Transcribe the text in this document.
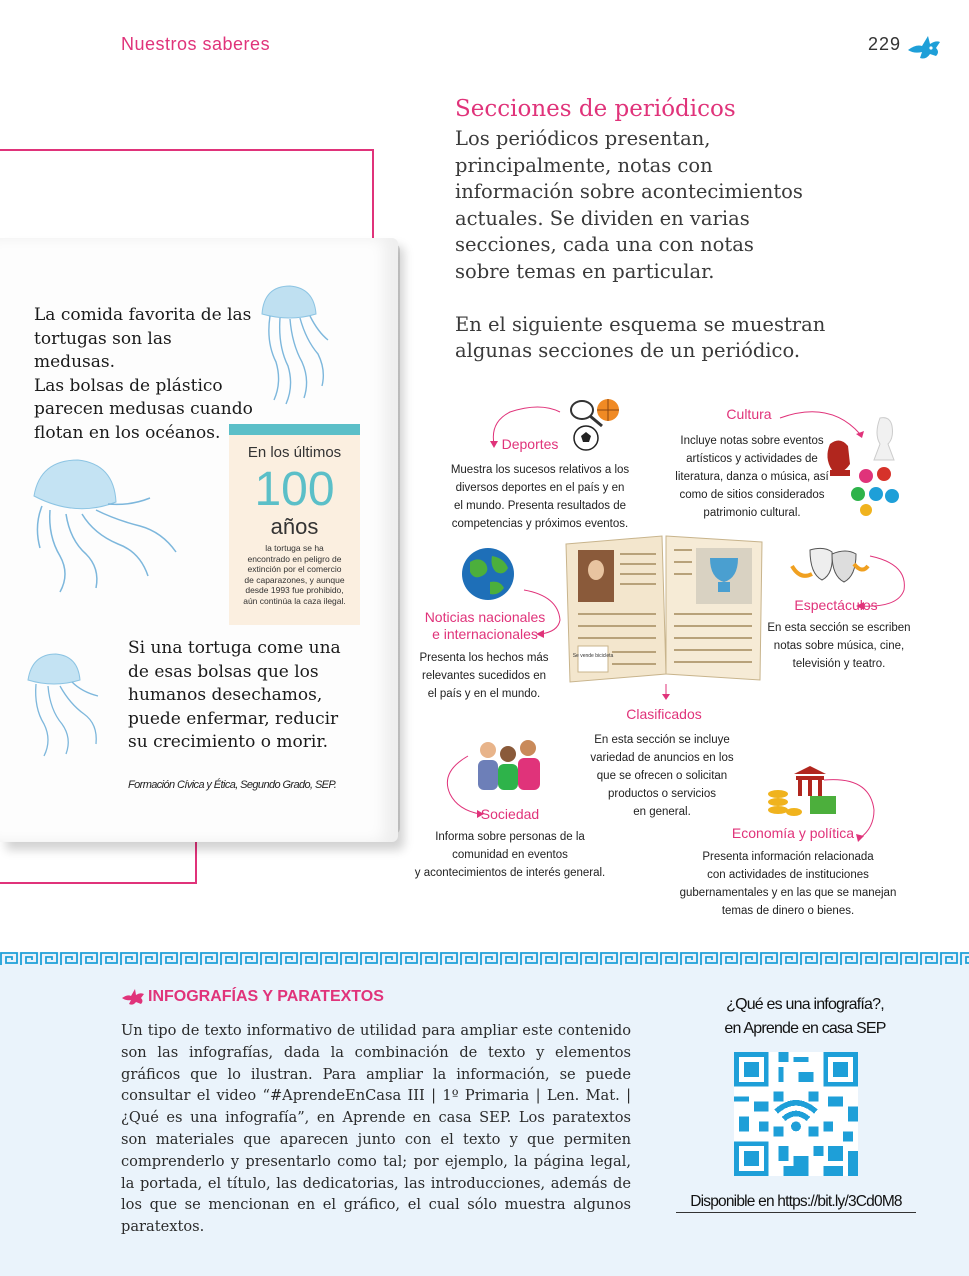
Nuestros saberes	229
La comida favorita de las
tortugas son las medusas.
Las bolsas de plástico
parecen medusas cuando
flotan en los océanos.
En los últimos
100
años
la tortuga se ha
encontrado en peligro de
extinción por el comercio
de caparazones, y aunque
desde 1993 fue prohibido,
aún continúa la caza ilegal.
Si una tortuga come una
de esas bolsas que los
humanos desechamos,
puede enfermar, reducir
su crecimiento o morir.
Formación Cívica y Ética, Segundo Grado, SEP.
Secciones de periódicos
Los periódicos presentan,
principalmente, notas con
información sobre acontecimientos
actuales. Se dividen en varias
secciones, cada una con notas
sobre temas en particular.
En el siguiente esquema se muestran
algunas secciones de un periódico.
Deportes
Muestra los sucesos relativos a los
diversos deportes en el país y en
el mundo. Presenta resultados de
competencias y próximos eventos.
Cultura
Incluye notas sobre eventos
artísticos y actividades de
literatura, danza o música, así
como de sitios considerados
patrimonio cultural.
Noticias nacionales
e internacionales
Presenta los hechos más
relevantes sucedidos en
el país y en el mundo.
Se vende bicicleta
Espectáculos
En esta sección se escriben
notas sobre música, cine,
televisión y teatro.
Clasificados
En esta sección se incluye
variedad de anuncios en los
que se ofrecen o solicitan
productos o servicios
en general.
Sociedad
Informa sobre personas de la
comunidad en eventos
y acontecimientos de interés general.
Economía y política
Presenta información relacionada
con actividades de instituciones
gubernamentales y en las que se manejan
temas de dinero o bienes.
INFOGRAFÍAS Y PARATEXTOS
Un tipo de texto informativo de utilidad para ampliar este contenido son las infografías, dada la combinación de texto y elementos gráficos que lo ilustran. Para ampliar la información, se puede consultar el video “#AprendeEnCasa III | 1º Primaria | Len. Mat. | ¿Qué es una infografía”, en Aprende en casa SEP. Los paratextos son materiales que aparecen junto con el texto y que permiten comprenderlo y presentarlo como tal; por ejemplo, la página legal, la portada, el título, las dedicatorias, las introducciones, además de los que se mencionan en el gráfico, el cual sólo muestra algunos paratextos.
¿Qué es una infografía?,
en Aprende en casa SEP
Disponible en https://bit.ly/3Cd0M8
